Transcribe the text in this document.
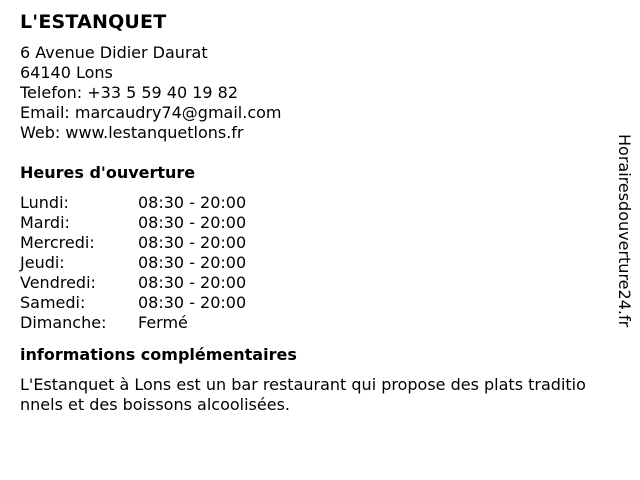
L'ESTANQUET
6 Avenue Didier Daurat
64140 Lons
Telefon: +33 5 59 40 19 82
Email: marcaudry74@gmail.com
Web: www.lestanquetlons.fr
Heures d'ouverture
Lundi:	08:30 - 20:00
Mardi:	08:30 - 20:00
Mercredi:	08:30 - 20:00
Jeudi:	08:30 - 20:00
Vendredi:	08:30 - 20:00
Samedi:	08:30 - 20:00
Dimanche:	Fermé
informations complémentaires
L'Estanquet à Lons est un bar restaurant qui propose des plats traditionnels et des boissons alcoolisées.
Horairesdouverture24.fr
